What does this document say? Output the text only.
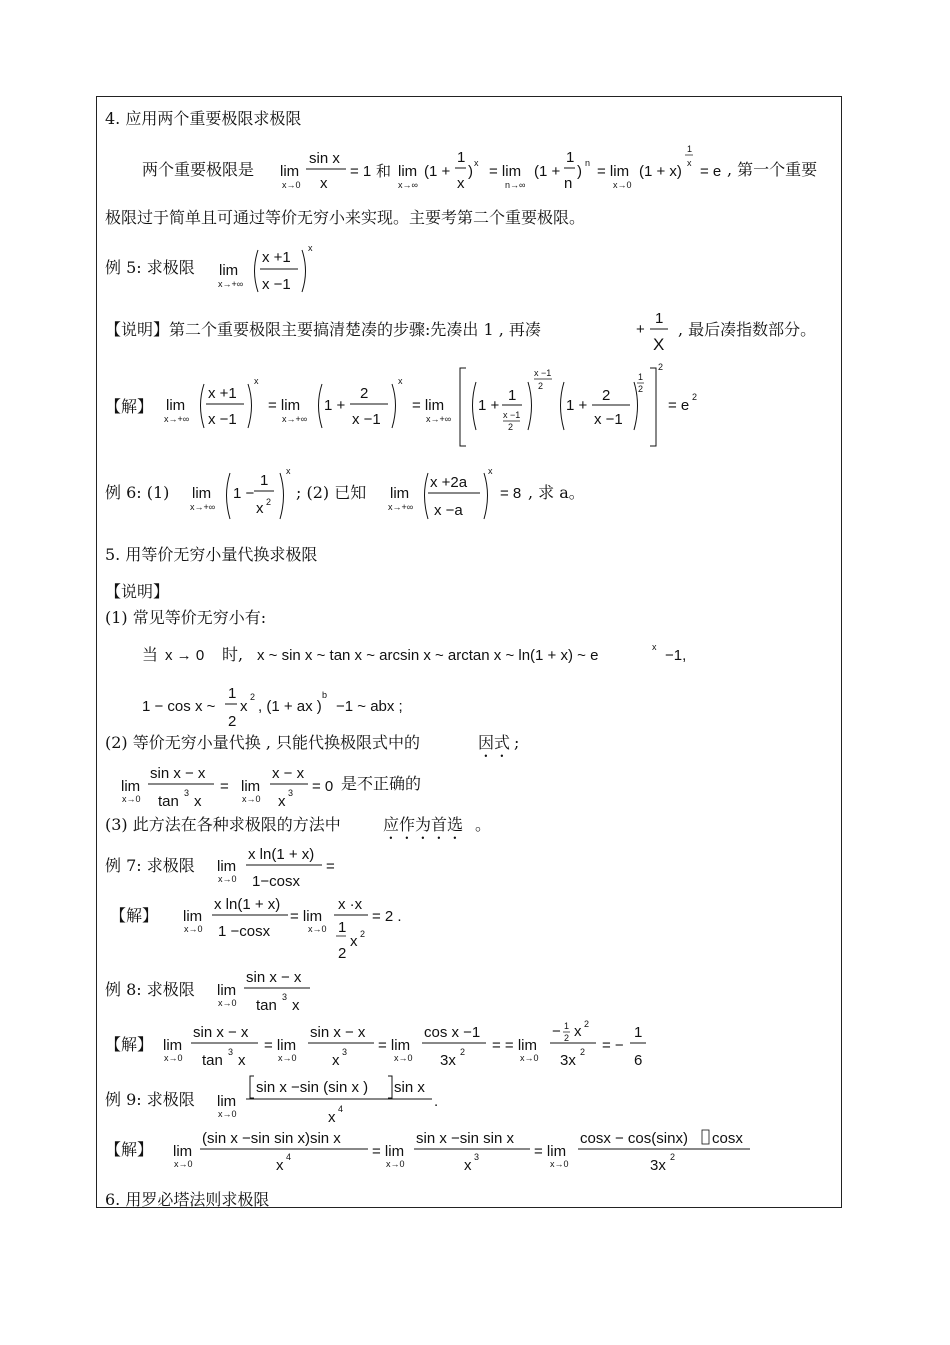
4. 应用两个重要极限求极限
两个重要极限是 lim
x→0
sin x
x
= 1 和 lim
x→∞
(1 +
1
x
) x = lim
n→∞
(1 +
1
n
) n = lim
x→0
(1 + x)
1
x = e , 第一个重要
极限过于简单且可通过等价无穷小来实现。主要考第二个重要极限。
例 5: 求极限 lim
x→+∞
x +1
x −1
x
【说明】第二个重要极限主要搞清楚凑的步骤:先凑出 1 , 再凑	+
1
X
, 最后凑指数部分。
【解】 lim
x→+∞
x +1
x −1
x
= lim
x→+∞
1 +
2
x −1
x
= lim
x→+∞
1 +
1
x −1
2
x −1
2
1 +
2
x −1
1
2
2
= e 2
例 6: (1) lim
x→+∞
1 −
1
x 2
x
; (2) 已知 lim
x→+∞
x +2a
x −a
x
= 8 , 求 a。
5. 用等价无穷小量代换求极限
【说明】
(1) 常见等价无穷小有:
当 x → 0 时, x ~ sin x ~ tan x ~ arcsin x ~ arctan x ~ ln(1 + x) ~ e	x −1,
1 − cos x ~
1
2
x
2
, (1 + ax )
b
−1 ~ abx ;
(2) 等价无穷小量代换 , 只能代换极限式中的	因式 ;
lim
x→0
sin x − x
tan 3 x
= lim
x→0
x − x
x 3 = 0 是不正确的
(3) 此方法在各种求极限的方法中	应作为首选 。
例 7: 求极限 lim
x→0
x ln(1 + x)
1−cosx
=
【解】 lim
x→0
x ln(1 + x)
1 −cosx
= lim
x→0
x ·x
1
2
x 2
= 2 .
例 8: 求极限 lim
x→0
sin x − x
tan 3 x
【解】 lim
x→0
sin x − x
tan 3 x
= lim
x→0
sin x − x
x 3 = lim
x→0
cos x −1
3x 2 = = lim
x→0
− 1
2 x 2
3x 2 = −
1
6
例 9: 求极限 lim
x→0
sin x −sin (sin x ) sin x
x 4	.
【解】 lim
x→0
(sin x −sin sin x)sin x
x 4	= lim
x→0
sin x −sin sin x
x 3	= lim
x→0
cosx − cos(sinx) cosx
3x 2
6. 用罗必塔法则求极限
